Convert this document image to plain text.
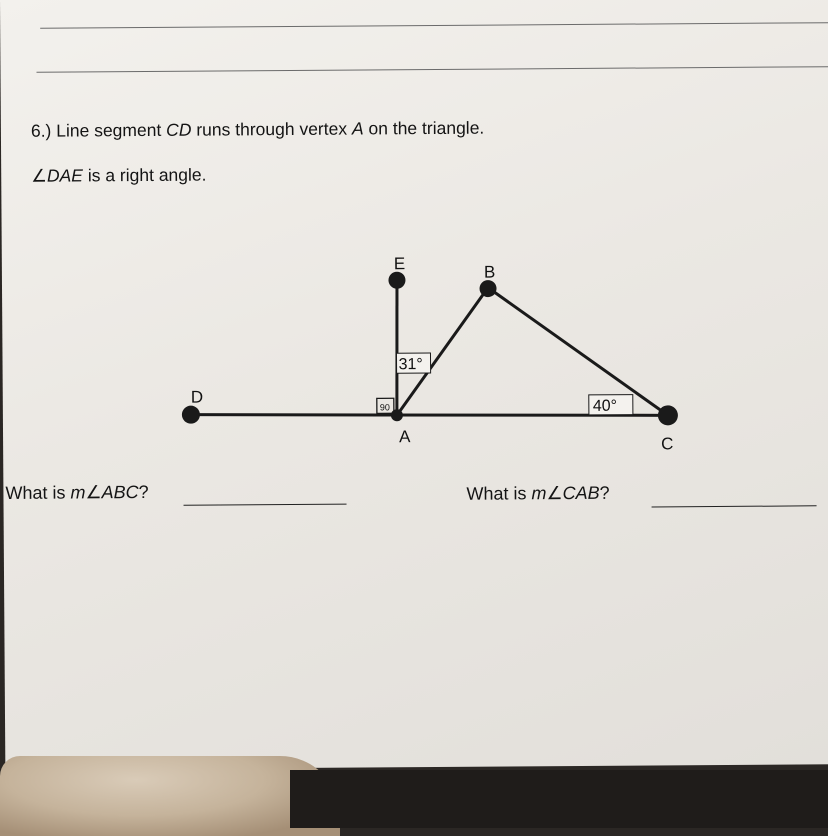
6.) Line segment CD runs through vertex A on the triangle.
∠DAE is a right angle.
What is m∠ABC?	What is m∠CAB?
90
31°
40°
D
E	B
A	C
